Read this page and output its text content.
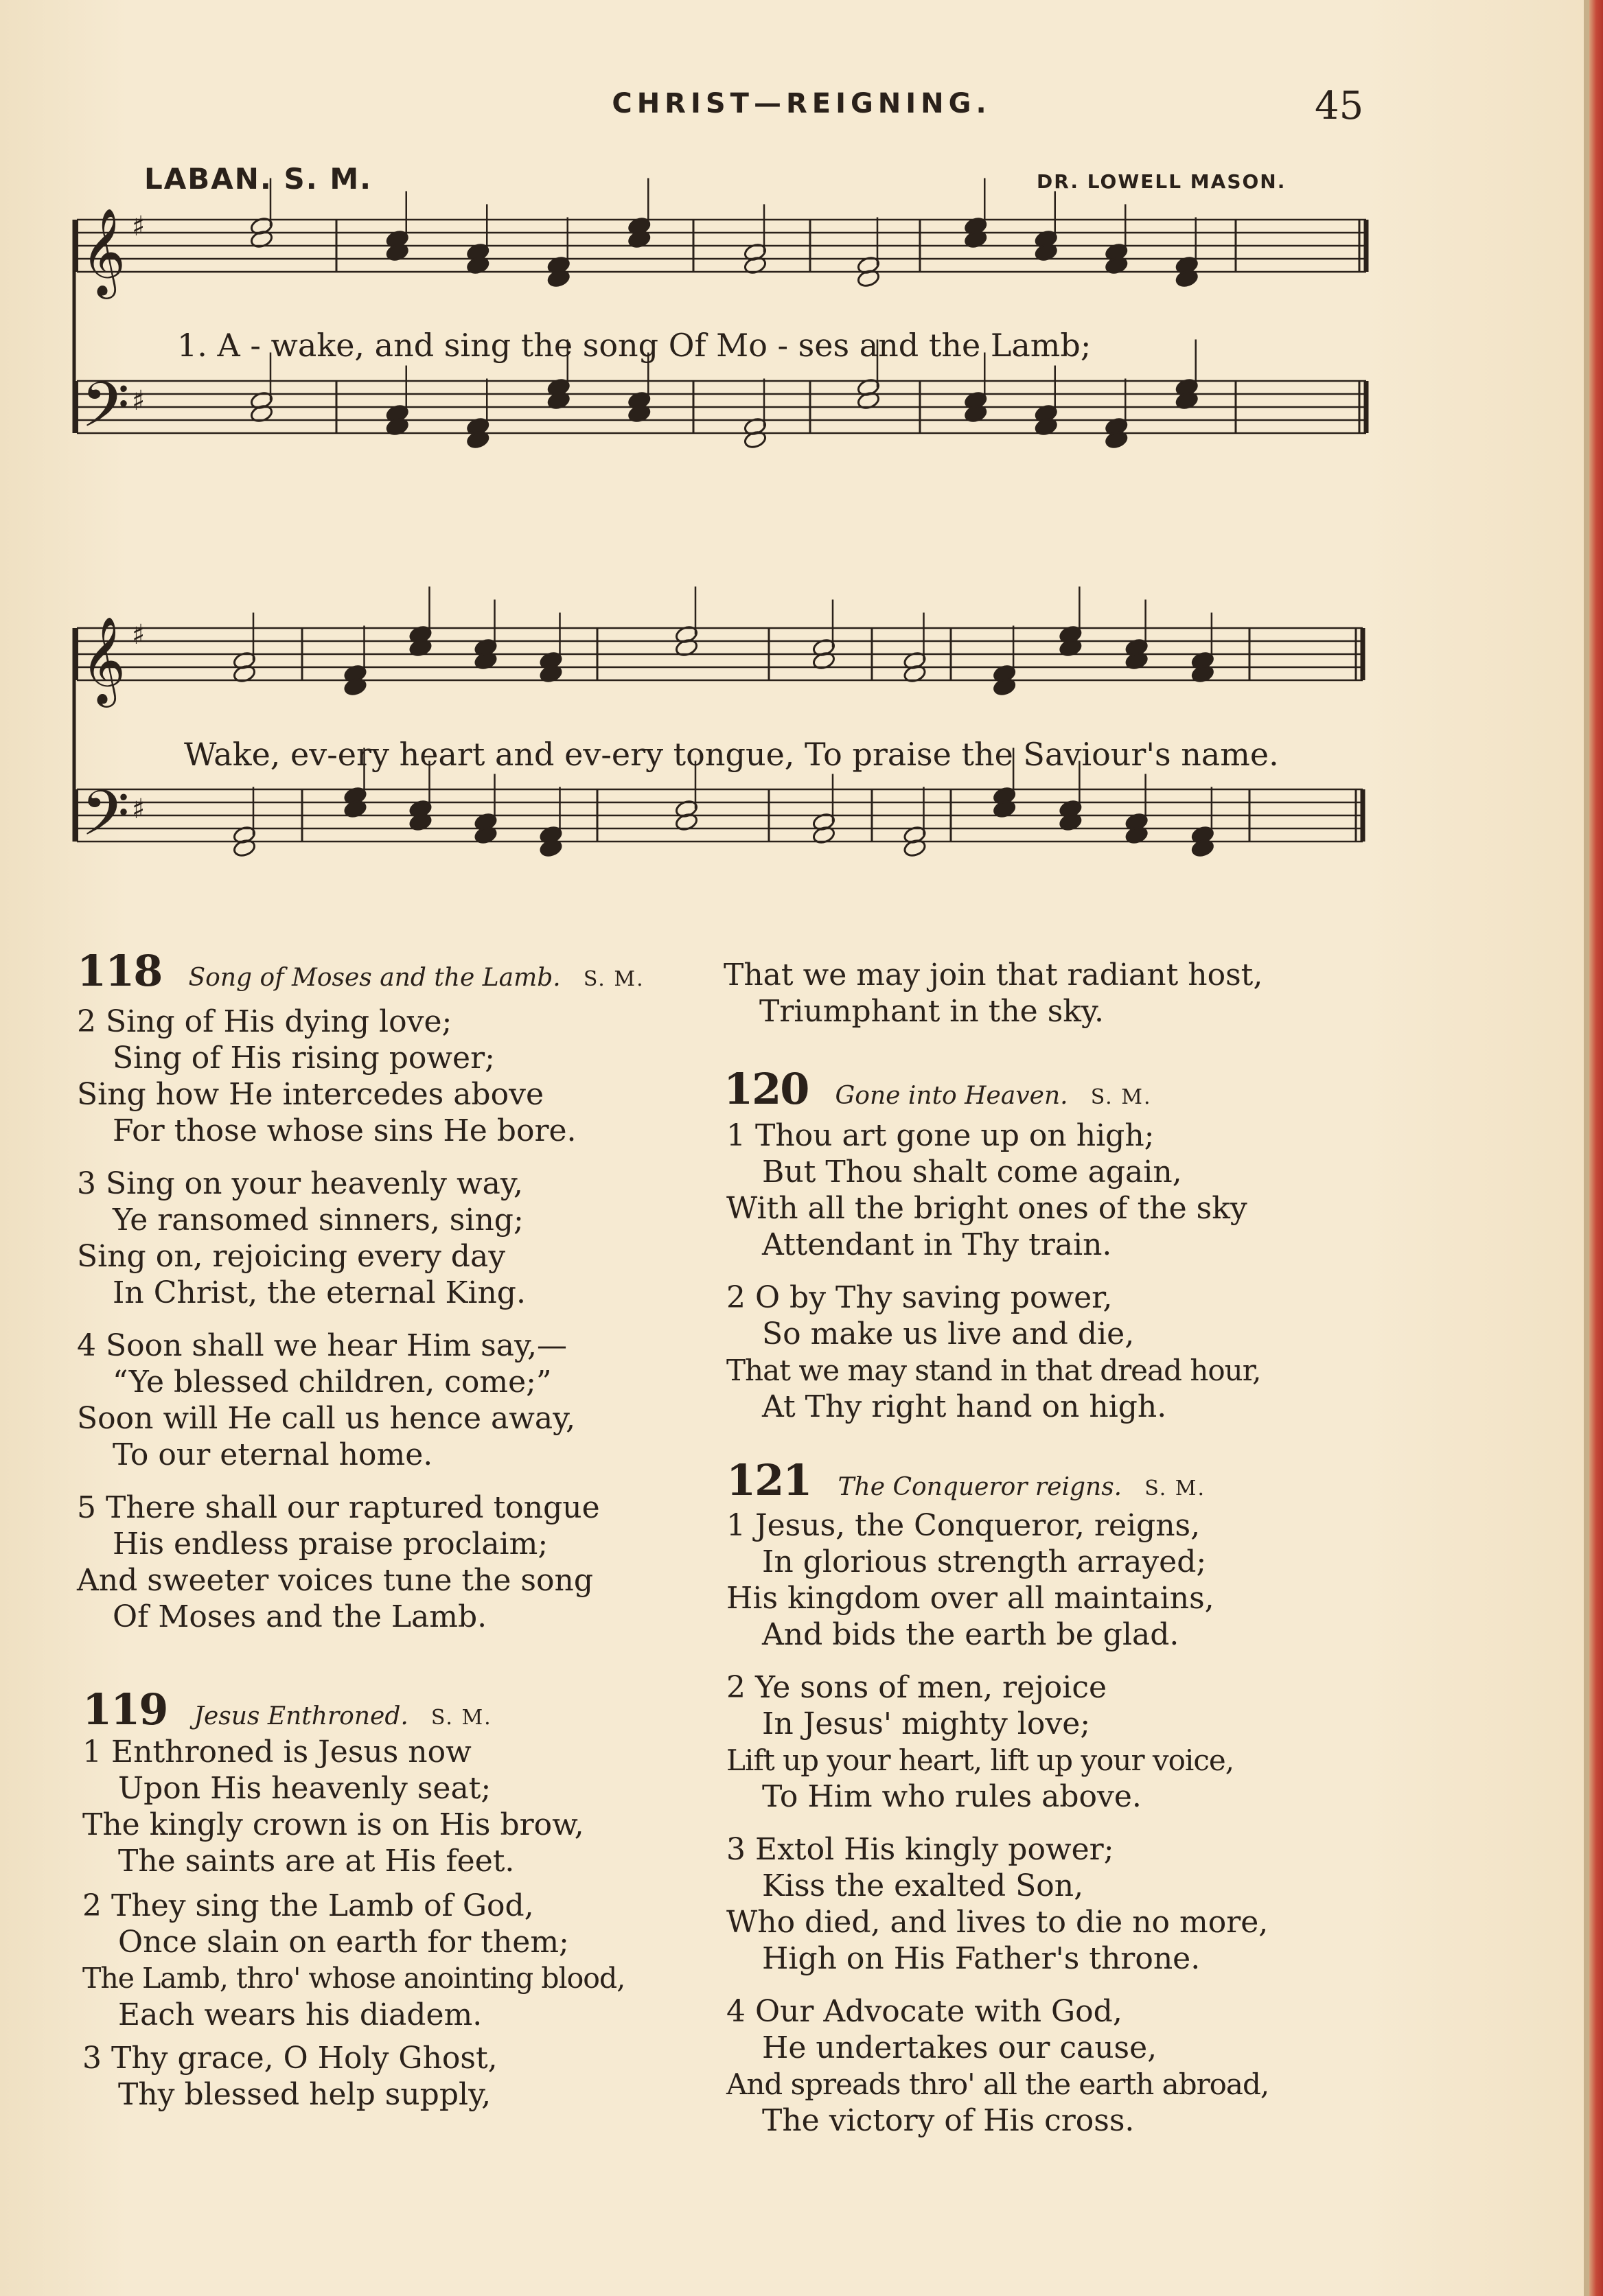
CHRIST—REIGNING.	45
LABAN. S. M.	DR. LOWELL MASON.
𝄞 ♯
𝄢 ♯
𝄞 ♯
𝄢 ♯
1. A - wake, and sing the song Of Mo - ses and the Lamb;
Wake, ev-ery heart and ev-ery tongue, To praise the Saviour's name.
118 Song of Moses and the Lamb. S. M.
2 Sing of His dying love;
Sing of His rising power;
Sing how He intercedes above
For those whose sins He bore.
3 Sing on your heavenly way,
Ye ransomed sinners, sing;
Sing on, rejoicing every day
In Christ, the eternal King.
4 Soon shall we hear Him say,—
“Ye blessed children, come;”
Soon will He call us hence away,
To our eternal home.
5 There shall our raptured tongue
His endless praise proclaim;
And sweeter voices tune the song
Of Moses and the Lamb.
119 Jesus Enthroned. S. M.
1 Enthroned is Jesus now
Upon His heavenly seat;
The kingly crown is on His brow,
The saints are at His feet.
2 They sing the Lamb of God,
Once slain on earth for them;
The Lamb, thro' whose anointing blood,
Each wears his diadem.
3 Thy grace, O Holy Ghost,
Thy blessed help supply,
That we may join that radiant host,
Triumphant in the sky.
120 Gone into Heaven. S. M.
1 Thou art gone up on high;
But Thou shalt come again,
With all the bright ones of the sky
Attendant in Thy train.
2 O by Thy saving power,
So make us live and die,
That we may stand in that dread hour,
At Thy right hand on high.
121 The Conqueror reigns. S. M.
1 Jesus, the Conqueror, reigns,
In glorious strength arrayed;
His kingdom over all maintains,
And bids the earth be glad.
2 Ye sons of men, rejoice
In Jesus' mighty love;
Lift up your heart, lift up your voice,
To Him who rules above.
3 Extol His kingly power;
Kiss the exalted Son,
Who died, and lives to die no more,
High on His Father's throne.
4 Our Advocate with God,
He undertakes our cause,
And spreads thro' all the earth abroad,
The victory of His cross.
